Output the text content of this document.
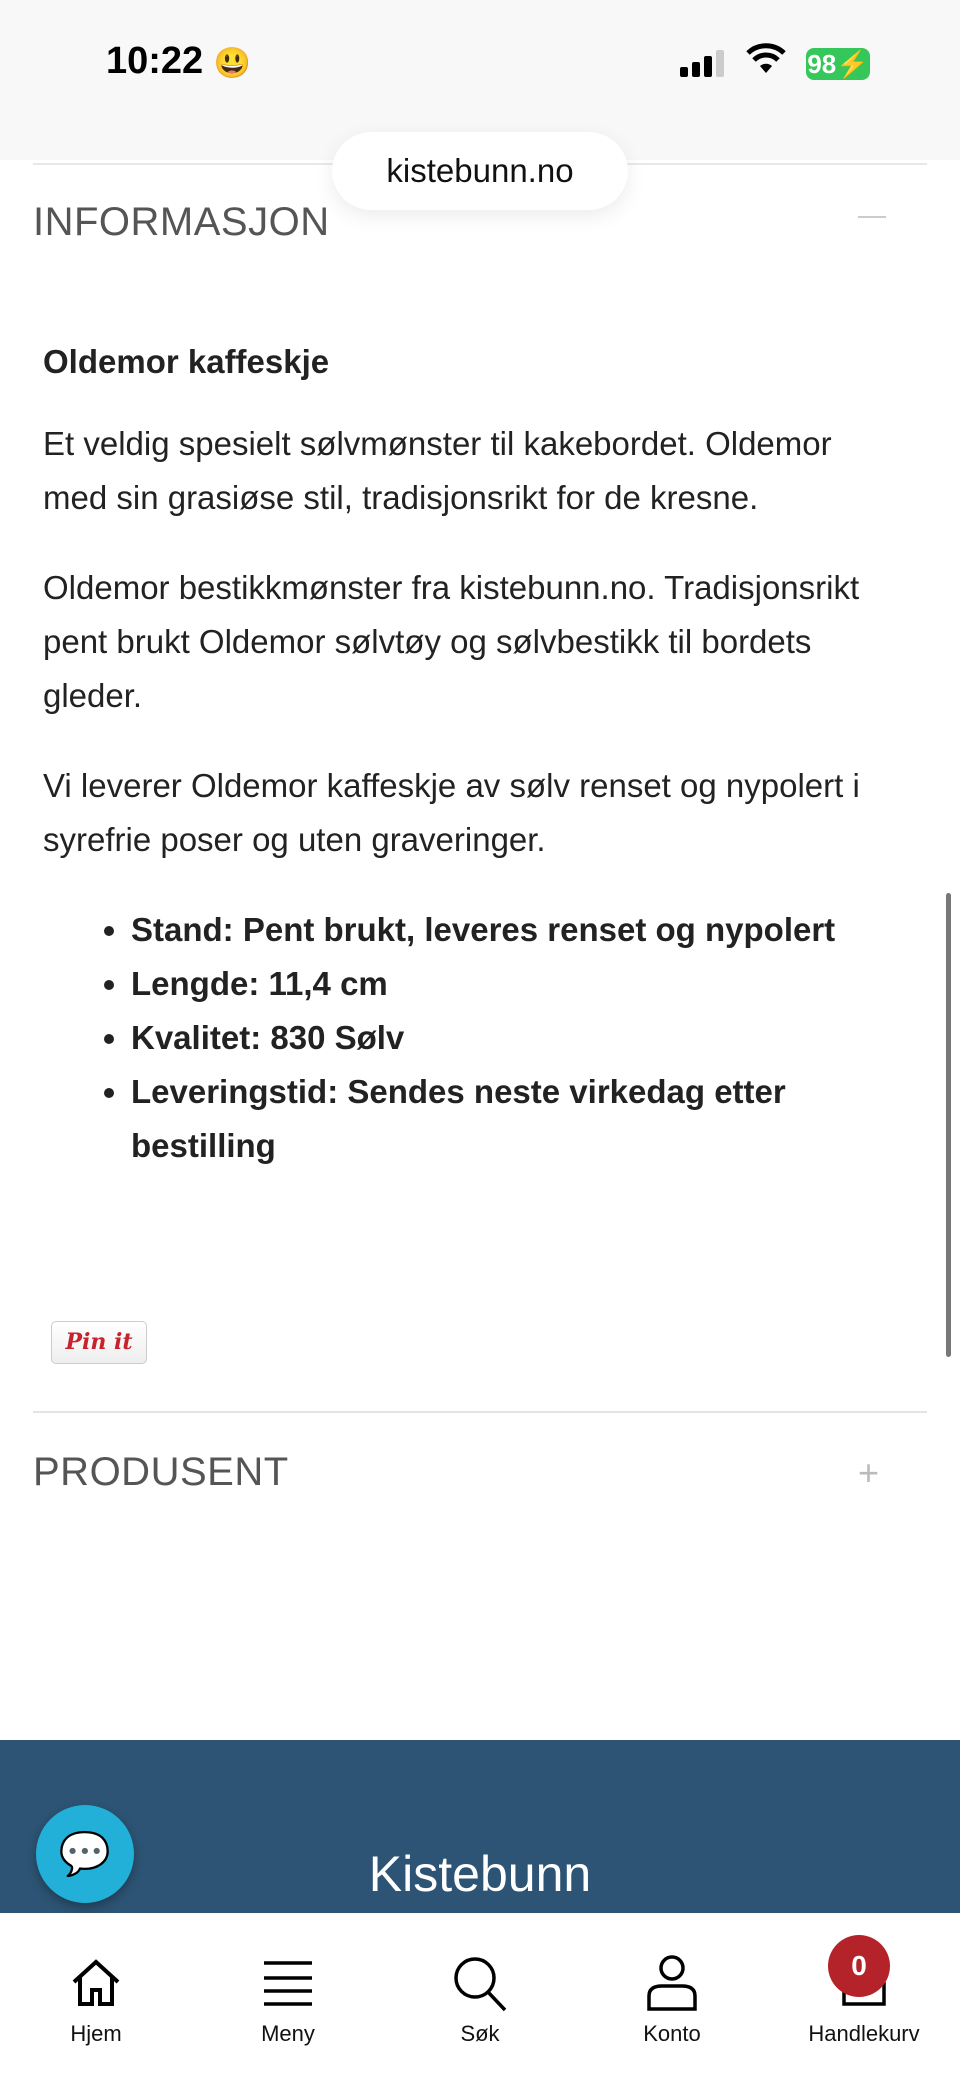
10:22 😃	98⚡
kistebunn.no
INFORMASJON
Oldemor kaffeskje

Et veldig spesielt sølvmønster til kakebordet. Oldemor med sin grasiøse stil, tradisjonsrikt for de kresne.

Oldemor bestikkmønster fra kistebunn.no. Tradisjonsrikt pent brukt Oldemor sølvtøy og sølvbestikk til bordets gleder.

Vi leverer Oldemor kaffeskje av sølv renset og nypolert i syrefrie poser og uten graveringer.

• Stand: Pent brukt, leveres renset og nypolert
• Lengde: 11,4 cm
• Kvalitet: 830 Sølv
• Leveringstid: Sendes neste virkedag etter bestilling
Pin it
PRODUSENT	+
Kistebunn
💬
Hjem	Meny	Søk	Konto
0
Handlekurv
